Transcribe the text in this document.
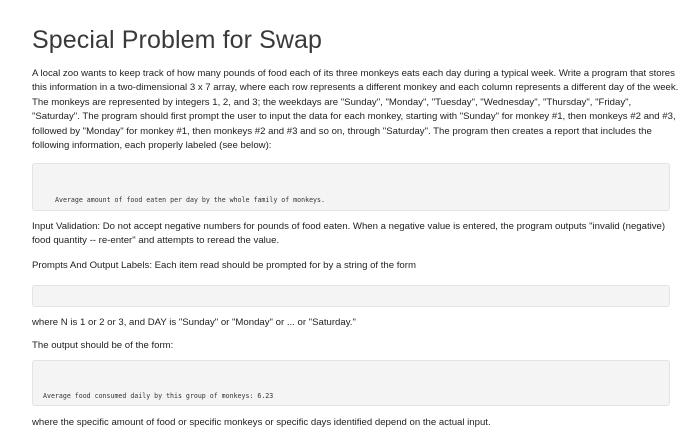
Special Problem for Swap

A local zoo wants to keep track of how many pounds of food each of its three monkeys eats each day during a typical week. Write a program that stores this information in a two-dimensional 3 x 7 array, where each row represents a different monkey and each column represents a different day of the week. The monkeys are represented by integers 1, 2, and 3; the weekdays are "Sunday", "Monday", "Tuesday", "Wednesday", "Thursday", "Friday", "Saturday". The program should first prompt the user to input the data for each monkey, starting with "Sunday" for monkey #1, then monkeys #2 and #3, followed by "Monday" for monkey #1, then monkeys #2 and #3 and so on, through "Saturday". The program then creates a report that includes the following information, each properly labeled (see below):

Average amount of food eaten per day by the whole family of monkeys.

Input Validation: Do not accept negative numbers for pounds of food eaten. When a negative value is entered, the program outputs "invalid (negative) food quantity -- re-enter" and attempts to reread the value.

Prompts And Output Labels: Each item read should be prompted for by a string of the form

where N is 1 or 2 or 3, and DAY is "Sunday" or "Monday" or ... or "Saturday."

The output should be of the form:

Average food consumed daily by this group of monkeys: 6.23

where the specific amount of food or specific monkeys or specific days identified depend on the actual input.
